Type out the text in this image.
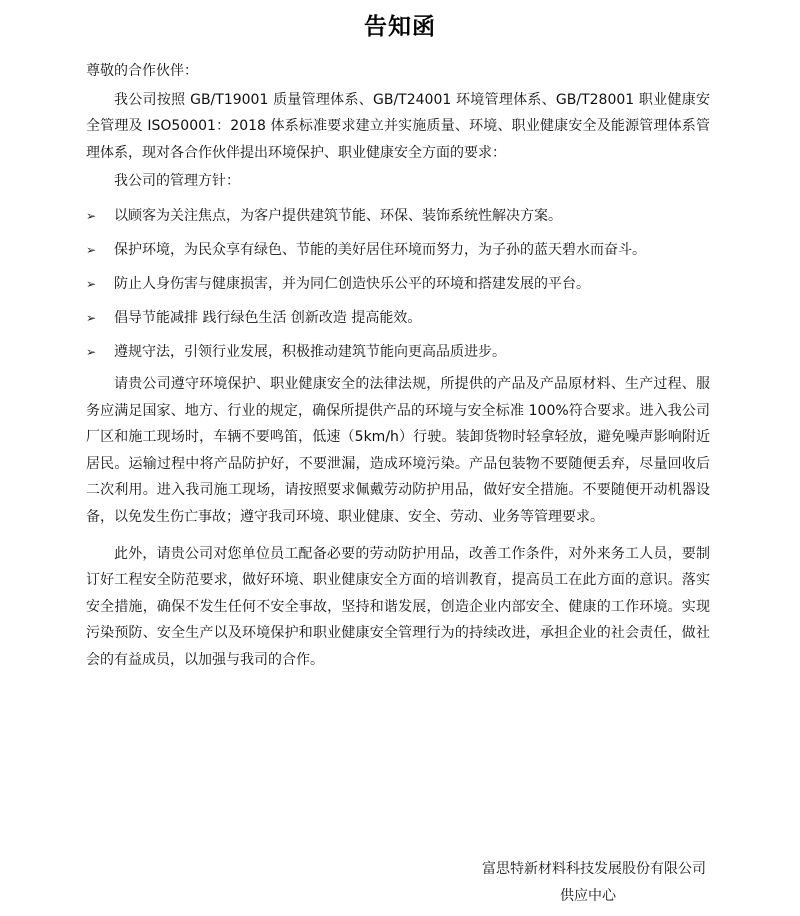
告知函

尊敬的合作伙伴：

我公司按照 GB/T19001 质量管理体系、GB/T24001 环境管理体系、GB/T28001 职业健康安全管理及 ISO50001：2018 体系标准要求建立并实施质量、环境、职业健康安全及能源管理体系管理体系，现对各合作伙伴提出环境保护、职业健康安全方面的要求：

我公司的管理方针：

➢ 以顾客为关注焦点，为客户提供建筑节能、环保、装饰系统性解决方案。
➢ 保护环境，为民众享有绿色、节能的美好居住环境而努力，为子孙的蓝天碧水而奋斗。
➢ 防止人身伤害与健康损害，并为同仁创造快乐公平的环境和搭建发展的平台。
➢ 倡导节能减排 践行绿色生活 创新改造 提高能效。
➢ 遵规守法，引领行业发展，积极推动建筑节能向更高品质进步。

请贵公司遵守环境保护、职业健康安全的法律法规，所提供的产品及产品原材料、生产过程、服务应满足国家、地方、行业的规定，确保所提供产品的环境与安全标准 100%符合要求。进入我公司厂区和施工现场时，车辆不要鸣笛，低速（5km/h）行驶。装卸货物时轻拿轻放，避免噪声影响附近居民。运输过程中将产品防护好，不要泄漏，造成环境污染。产品包装物不要随便丢弃，尽量回收后二次利用。进入我司施工现场，请按照要求佩戴劳动防护用品，做好安全措施。不要随便开动机器设备，以免发生伤亡事故；遵守我司环境、职业健康、安全、劳动、业务等管理要求。

此外，请贵公司对您单位员工配备必要的劳动防护用品，改善工作条件，对外来务工人员，要制订好工程安全防范要求，做好环境、职业健康安全方面的培训教育，提高员工在此方面的意识。落实安全措施，确保不发生任何不安全事故，坚持和谐发展，创造企业内部安全、健康的工作环境。实现污染预防、安全生产以及环境保护和职业健康安全管理行为的持续改进，承担企业的社会责任，做社会的有益成员，以加强与我司的合作。

富思特新材料科技发展股份有限公司
供应中心
